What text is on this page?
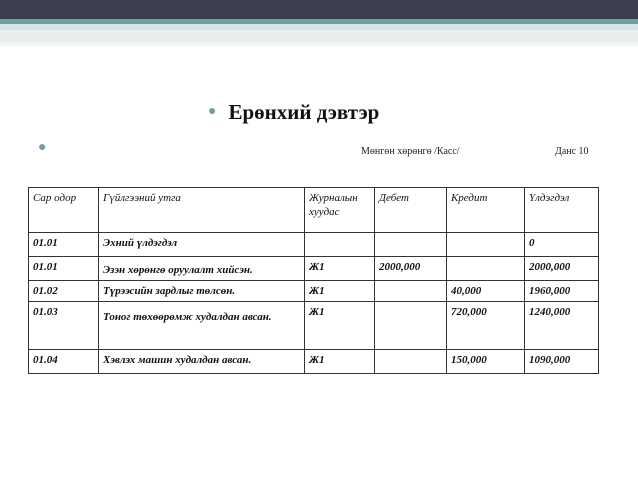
● Ерөнхий дэвтэр
●	Мөнгөн хөрөнгө /Касс/	Данс 10
Сар одор	Гүйлгээний утга	Журналын хуудас	Дебет	Кредит	Үлдэгдэл
01.01	Эхний үлдэгдэл				0
01.01	Эзэн хөрөнгө оруулалт хийсэн.	Ж1	2000,000		2000,000
01.02	Түрээсийн зардлыг төлсөн.	Ж1		40,000	1960,000
01.03	Тоног төхөөрөмж худалдан авсан.	Ж1		720,000	1240,000
01.04	Хэвлэх машин худалдан авсан.	Ж1		150,000	1090,000
